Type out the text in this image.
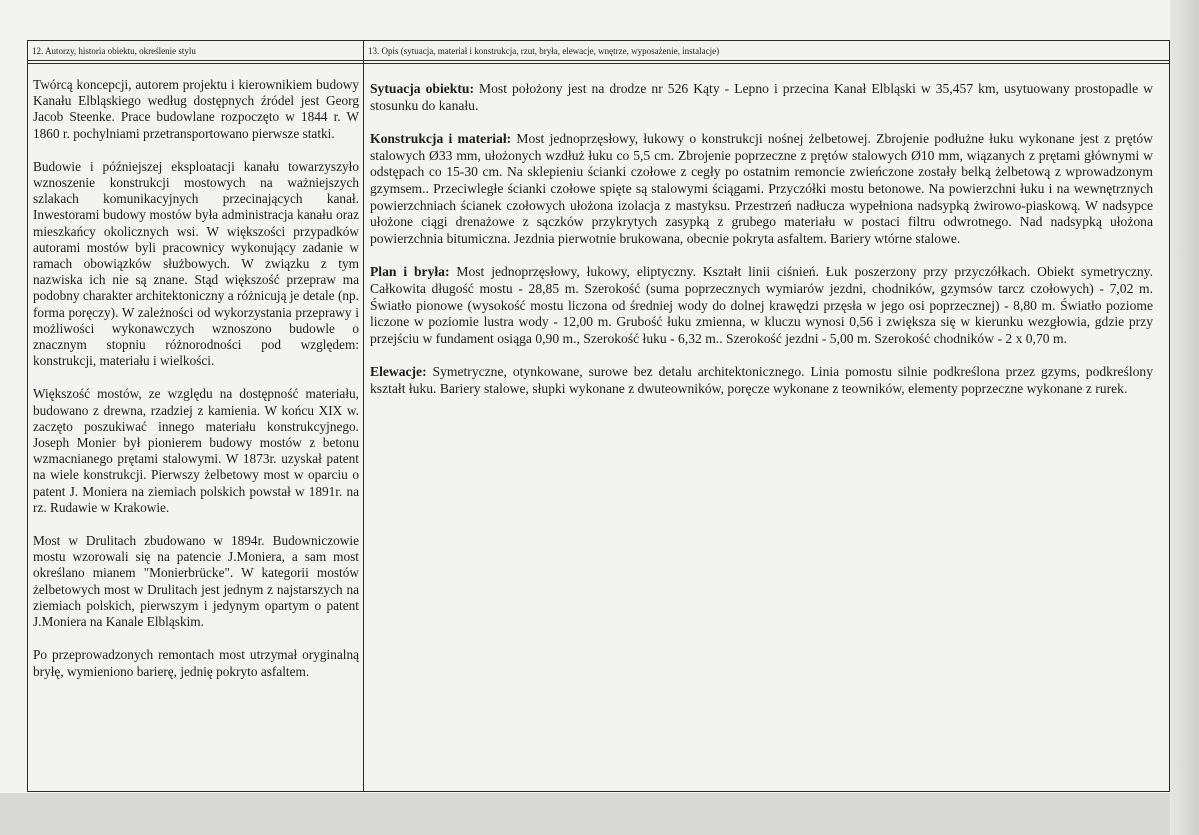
12. Autorzy, historia obiektu, określenie stylu	13. Opis (sytuacja, materiał i konstrukcja, rzut, bryła, elewacje, wnętrze, wyposażenie, instalacje)

Twórcą koncepcji, autorem projektu i kierownikiem budowy Kanału Elbląskiego według dostępnych źródel jest Georg Jacob Steenke. Prace budowlane rozpoczęto w 1844 r. W 1860 r. pochylniami przetransportowano pierwsze statki.

Budowie i późniejszej eksploatacji kanału towarzyszyło wznoszenie konstrukcji mostowych na ważniejszych szlakach komunikacyjnych przecinających kanał. Inwestorami budowy mostów była administracja kanału oraz mieszkańcy okolicznych wsi. W większości przypadków autorami mostów byli pracownicy wykonujący zadanie w ramach obowiązków służbowych. W związku z tym nazwiska ich nie są znane. Stąd większość przepraw ma podobny charakter architektoniczny a różnicują je detale (np. forma poręczy). W zależności od wykorzystania przeprawy i możliwości wykonawczych wznoszono budowle o znacznym stopniu różnorodności pod względem: konstrukcji, materiału i wielkości.

Większość mostów, ze względu na dostępność materiału, budowano z drewna, rzadziej z kamienia. W końcu XIX w. zaczęto poszukiwać innego materiału konstrukcyjnego. Joseph Monier był pionierem budowy mostów z betonu wzmacnianego prętami stalowymi. W 1873r. uzyskał patent na wiele konstrukcji. Pierwszy żelbetowy most w oparciu o patent J. Moniera na ziemiach polskich powstał w 1891r. na rz. Rudawie w Krakowie.

Most w Drulitach zbudowano w 1894r. Budowniczowie mostu wzorowali się na patencie J.Moniera, a sam most określano mianem "Monierbrücke". W kategorii mostów żelbetowych most w Drulitach jest jednym z najstarszych na ziemiach polskich, pierwszym i jedynym opartym o patent J.Moniera na Kanale Elbląskim.

Po przeprowadzonych remontach most utrzymał oryginalną bryłę, wymieniono barierę, jednię pokryto asfaltem.

Sytuacja obiektu: Most położony jest na drodze nr 526 Kąty - Lepno i przecina Kanał Elbląski w 35,457 km, usytuowany prostopadle w stosunku do kanału.

Konstrukcja i materiał: Most jednoprzęsłowy, łukowy o konstrukcji nośnej żelbetowej. Zbrojenie podłużne łuku wykonane jest z prętów stalowych Ø33 mm, ułożonych wzdłuż łuku co 5,5 cm. Zbrojenie poprzeczne z prętów stalowych Ø10 mm, wiązanych z prętami głównymi w odstępach co 15-30 cm. Na sklepieniu ścianki czołowe z cegły po ostatnim remoncie zwieńczone zostały belką żelbetową z wprowadzonym gzymsem.. Przeciwległe ścianki czołowe spięte są stalowymi ściągami. Przyczółki mostu betonowe. Na powierzchni łuku i na wewnętrznych powierzchniach ścianek czołowych ułożona izolacja z mastyksu. Przestrzeń nadłucza wypełniona nadsypką żwirowo-piaskową. W nadsypce ułożone ciągi drenażowe z sączków przykrytych zasypką z grubego materiału w postaci filtru odwrotnego. Nad nadsypką ułożona powierzchnia bitumiczna. Jezdnia pierwotnie brukowana, obecnie pokryta asfaltem. Bariery wtórne stalowe.

Plan i bryła: Most jednoprzęsłowy, łukowy, eliptyczny. Kształt linii ciśnień. Łuk poszerzony przy przyczółkach. Obiekt symetryczny. Całkowita długość mostu - 28,85 m. Szerokość (suma poprzecznych wymiarów jezdni, chodników, gzymsów tarcz czołowych) - 7,02 m. Światło pionowe (wysokość mostu liczona od średniej wody do dolnej krawędzi przęsła w jego osi poprzecznej) - 8,80 m. Światło poziome liczone w poziomie lustra wody - 12,00 m. Grubość łuku zmienna, w kluczu wynosi 0,56 i zwiększa się w kierunku wezgłowia, gdzie przy przejściu w fundament osiąga 0,90 m., Szerokość łuku - 6,32 m.. Szerokość jezdni - 5,00 m. Szerokość chodników - 2 x 0,70 m.

Elewacje: Symetryczne, otynkowane, surowe bez detalu architektonicznego. Linia pomostu silnie podkreślona przez gzyms, podkreślony kształt łuku. Bariery stalowe, słupki wykonane z dwuteowników, poręcze wykonane z teowników, elementy poprzeczne wykonane z rurek.
